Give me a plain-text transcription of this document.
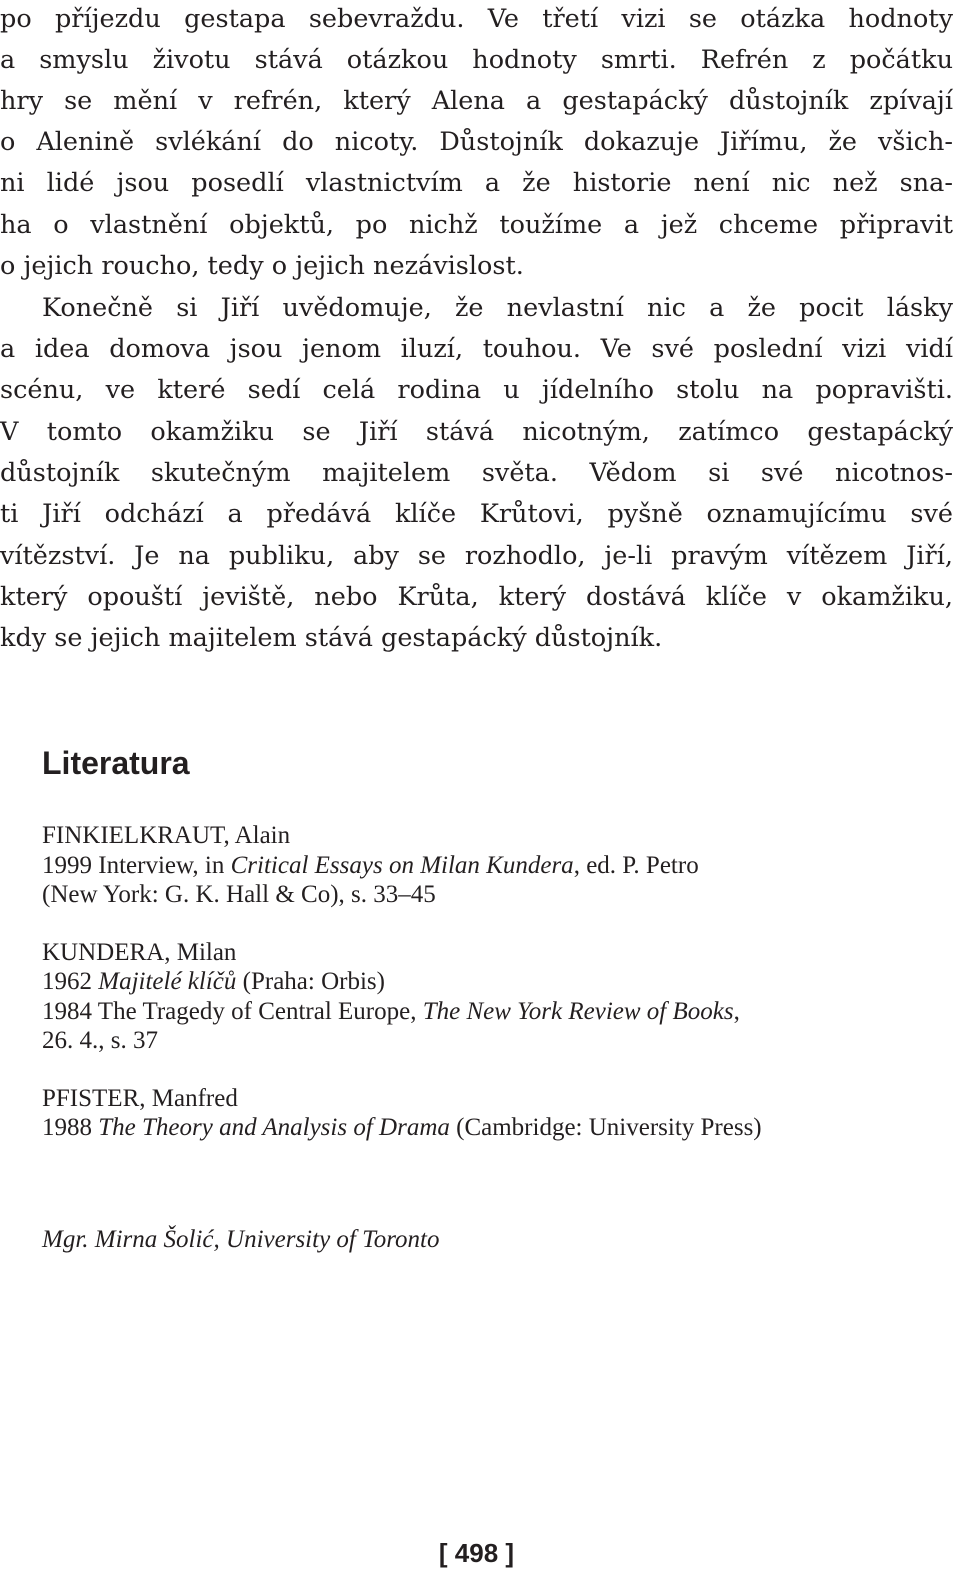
po příjezdu gestapa sebevraždu. Ve třetí vizi se otázka hodnoty
a smyslu životu stává otázkou hodnoty smrti. Refrén z počátku
hry se mění v refrén, který Alena a gestapácký důstojník zpívají
o Alenině svlékání do nicoty. Důstojník dokazuje Jiřímu, že všich-
ni lidé jsou posedlí vlastnictvím a že historie není nic než sna-
ha o vlastnění objektů, po nichž toužíme a jež chceme připravit
o jejich roucho, tedy o jejich nezávislost.
Konečně si Jiří uvědomuje, že nevlastní nic a že pocit lásky
a idea domova jsou jenom iluzí, touhou. Ve své poslední vizi vidí
scénu, ve které sedí celá rodina u jídelního stolu na popravišti.
V tomto okamžiku se Jiří stává nicotným, zatímco gestapácký
důstojník skutečným majitelem světa. Vědom si své nicotnos-
ti Jiří odchází a předává klíče Krůtovi, pyšně oznamujícímu své
vítězství. Je na publiku, aby se rozhodlo, je-li pravým vítězem Jiří,
který opouští jeviště, nebo Krůta, který dostává klíče v okamžiku,
kdy se jejich majitelem stává gestapácký důstojník.
Literatura
FINKIELKRAUT, Alain
1999 Interview, in Critical Essays on Milan Kundera, ed. P. Petro
(New York: G. K. Hall & Co), s. 33–45
KUNDERA, Milan
1962 Majitelé klíčů (Praha: Orbis)
1984 The Tragedy of Central Europe, The New York Review of Books,
26. 4., s. 37
PFISTER, Manfred
1988 The Theory and Analysis of Drama (Cambridge: University Press)
Mgr. Mirna Šolić, University of Toronto
[ 498 ]
